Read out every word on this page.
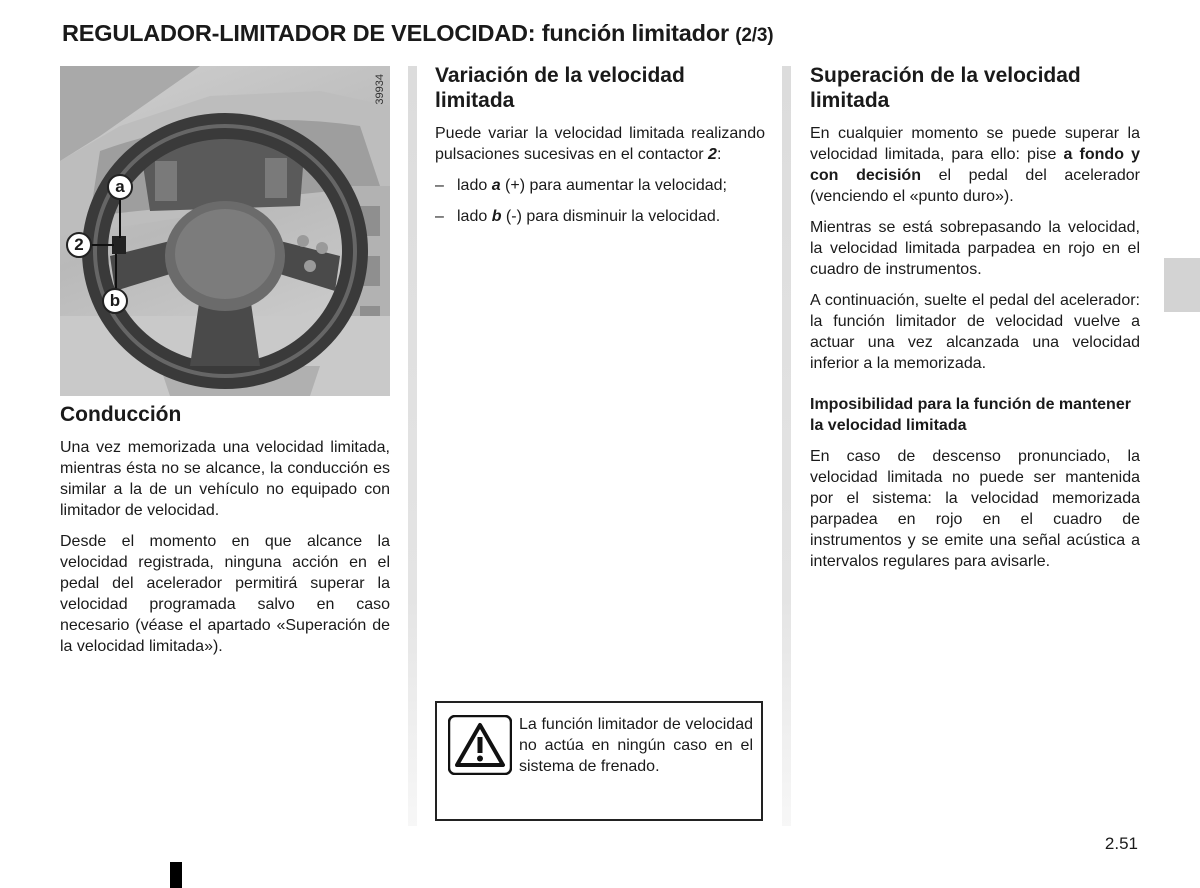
REGULADOR-LIMITADOR DE VELOCIDAD: función limitador (2/3)
39934
a
2
b
Conducción

Una vez memorizada una velocidad limitada, mientras ésta no se alcance, la conducción es similar a la de un vehículo no equipado con limitador de velocidad.

Desde el momento en que alcance la velocidad registrada, ninguna acción en el pedal del acelerador permitirá superar la velocidad programada salvo en caso necesario (véase el apartado «Superación de la velocidad limitada»).

Variación de la velocidad limitada

Puede variar la velocidad limitada realizando pulsaciones sucesivas en el contactor 2:

– lado a (+) para aumentar la velocidad;
– lado b (-) para disminuir la velocidad.
La función limitador de velocidad no actúa en ningún caso en el sistema de frenado.
Superación de la velocidad limitada

En cualquier momento se puede superar la velocidad limitada, para ello: pise a fondo y con decisión el pedal del acelerador (venciendo el «punto duro»).

Mientras se está sobrepasando la velocidad, la velocidad limitada parpadea en rojo en el cuadro de instrumentos.

A continuación, suelte el pedal del acelerador: la función limitador de velocidad vuelve a actuar una vez alcanzada una velocidad inferior a la memorizada.

Imposibilidad para la función de mantener la velocidad limitada

En caso de descenso pronunciado, la velocidad limitada no puede ser mantenida por el sistema: la velocidad memorizada parpadea en rojo en el cuadro de instrumentos y se emite una señal acústica a intervalos regulares para avisarle.

2.51
